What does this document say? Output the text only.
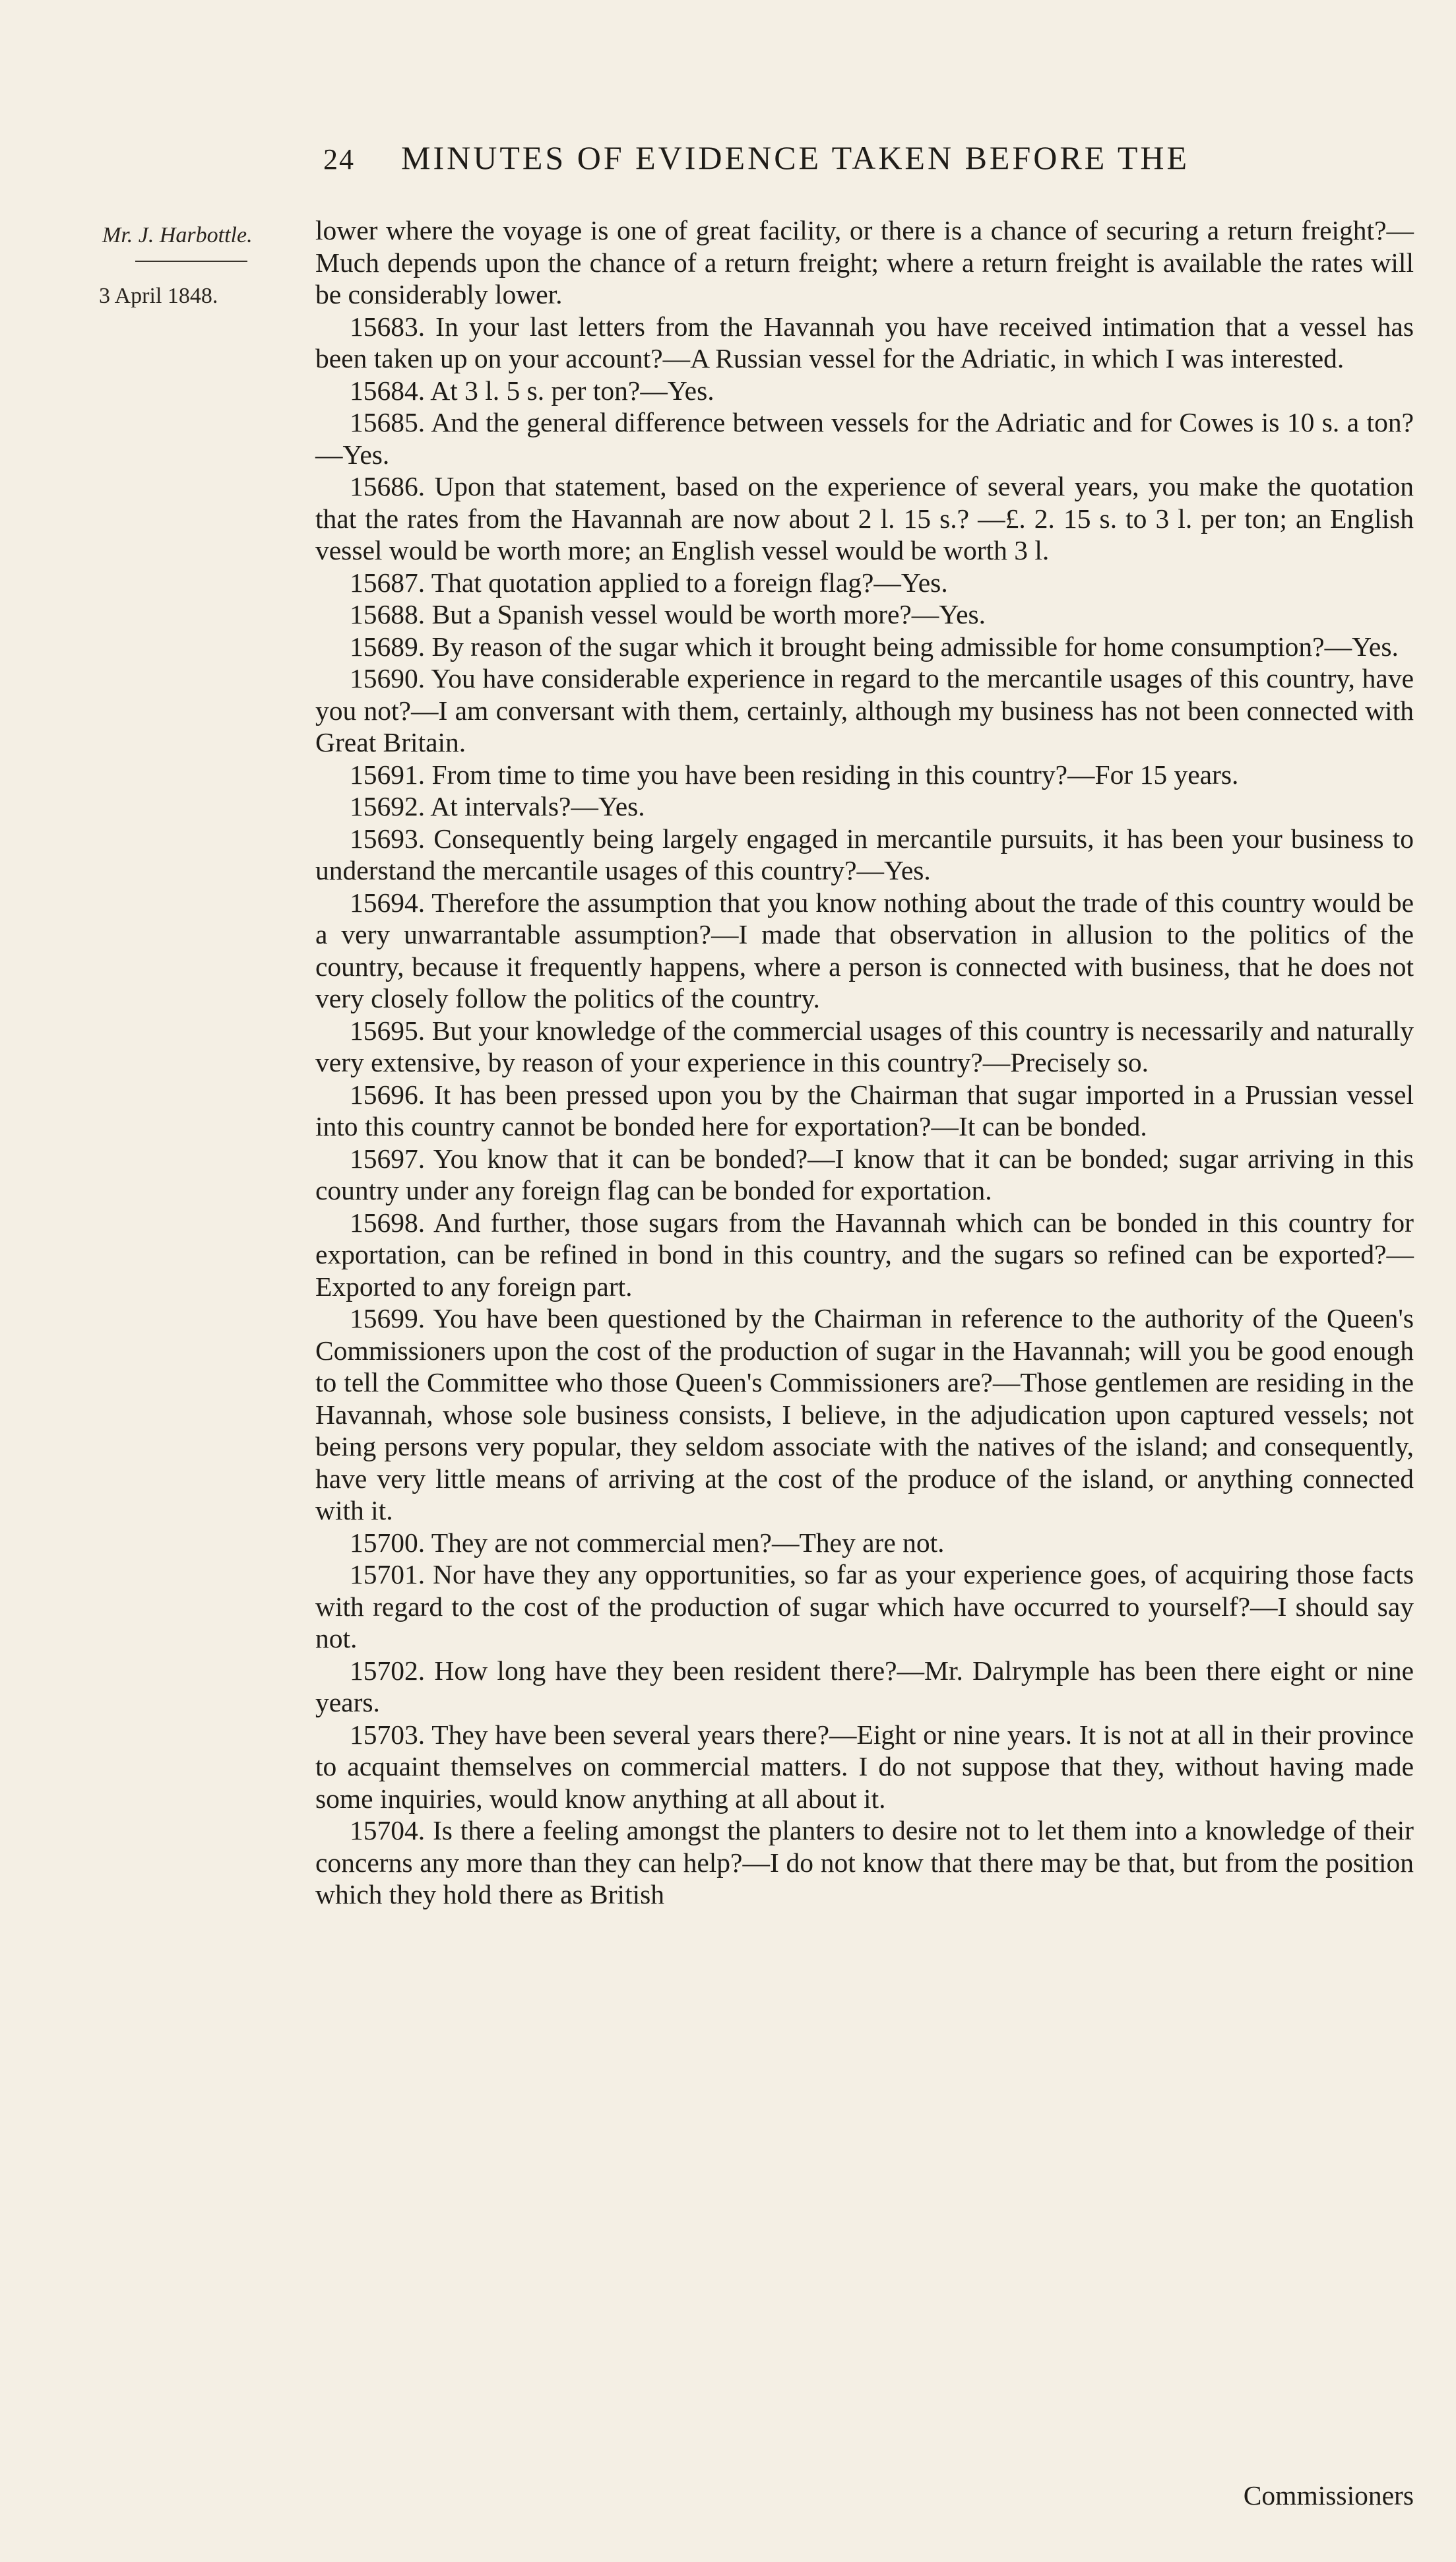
24 MINUTES OF EVIDENCE TAKEN BEFORE THE
Mr. J. Harbottle.
3 April 1848.

lower where the voyage is one of great facility, or there is a chance of securing a return freight?—Much depends upon the chance of a return freight; where a return freight is available the rates will be considerably lower.

15683. In your last letters from the Havannah you have received intimation that a vessel has been taken up on your account?—A Russian vessel for the Adriatic, in which I was interested.

15684. At 3 l. 5 s. per ton?—Yes.

15685. And the general difference between vessels for the Adriatic and for Cowes is 10 s. a ton?—Yes.

15686. Upon that statement, based on the experience of several years, you make the quotation that the rates from the Havannah are now about 2 l. 15 s.? —£. 2. 15 s. to 3 l. per ton; an English vessel would be worth more; an English vessel would be worth 3 l.

15687. That quotation applied to a foreign flag?—Yes.

15688. But a Spanish vessel would be worth more?—Yes.

15689. By reason of the sugar which it brought being admissible for home consumption?—Yes.

15690. You have considerable experience in regard to the mercantile usages of this country, have you not?—I am conversant with them, certainly, although my business has not been connected with Great Britain.

15691. From time to time you have been residing in this country?—For 15 years.

15692. At intervals?—Yes.

15693. Consequently being largely engaged in mercantile pursuits, it has been your business to understand the mercantile usages of this country?—Yes.

15694. Therefore the assumption that you know nothing about the trade of this country would be a very unwarrantable assumption?—I made that observation in allusion to the politics of the country, because it frequently happens, where a person is connected with business, that he does not very closely follow the politics of the country.

15695. But your knowledge of the commercial usages of this country is necessarily and naturally very extensive, by reason of your experience in this country?—Precisely so.

15696. It has been pressed upon you by the Chairman that sugar imported in a Prussian vessel into this country cannot be bonded here for exportation?—It can be bonded.

15697. You know that it can be bonded?—I know that it can be bonded; sugar arriving in this country under any foreign flag can be bonded for exportation.

15698. And further, those sugars from the Havannah which can be bonded in this country for exportation, can be refined in bond in this country, and the sugars so refined can be exported?—Exported to any foreign part.

15699. You have been questioned by the Chairman in reference to the authority of the Queen's Commissioners upon the cost of the production of sugar in the Havannah; will you be good enough to tell the Committee who those Queen's Commissioners are?—Those gentlemen are residing in the Havannah, whose sole business consists, I believe, in the adjudication upon captured vessels; not being persons very popular, they seldom associate with the natives of the island; and consequently, have very little means of arriving at the cost of the produce of the island, or anything connected with it.

15700. They are not commercial men?—They are not.

15701. Nor have they any opportunities, so far as your experience goes, of acquiring those facts with regard to the cost of the production of sugar which have occurred to yourself?—I should say not.

15702. How long have they been resident there?—Mr. Dalrymple has been there eight or nine years.

15703. They have been several years there?—Eight or nine years. It is not at all in their province to acquaint themselves on commercial matters. I do not suppose that they, without having made some inquiries, would know anything at all about it.

15704. Is there a feeling amongst the planters to desire not to let them into a knowledge of their concerns any more than they can help?—I do not know that there may be that, but from the position which they hold there as British

Commissioners
